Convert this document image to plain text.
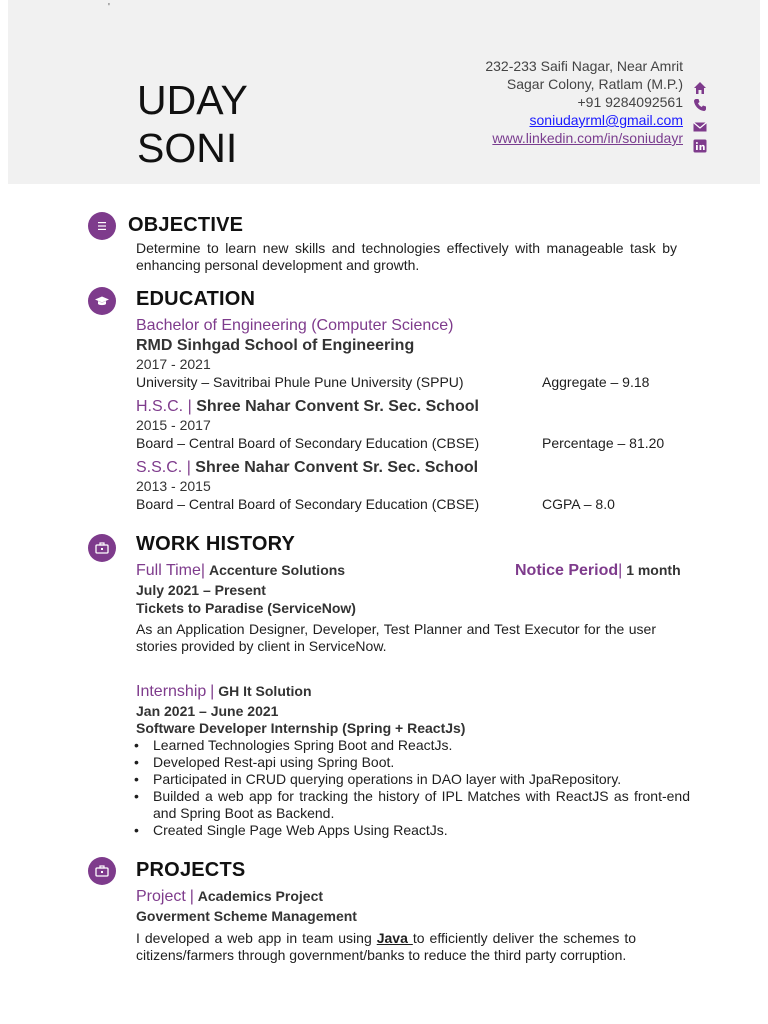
'
UDAY
SONI
232-233 Saifi Nagar, Near Amrit
Sagar Colony, Ratlam (M.P.)
+91 9284092561
soniudayrml@gmail.com
www.linkedin.com/in/soniudayr
OBJECTIVE
Determine to learn new skills and technologies effectively with manageable task by enhancing personal development and growth.
EDUCATION
Bachelor of Engineering (Computer Science)
RMD Sinhgad School of Engineering
2017 - 2021
University – Savitribai Phule Pune University (SPPU)	Aggregate – 9.18
H.S.C. | Shree Nahar Convent Sr. Sec. School
2015 - 2017
Board – Central Board of Secondary Education (CBSE)	Percentage – 81.20
S.S.C. | Shree Nahar Convent Sr. Sec. School
2013 - 2015
Board – Central Board of Secondary Education (CBSE)	CGPA – 8.0
WORK HISTORY
Full Time| Accenture Solutions	Notice Period| 1 month
July 2021 – Present
Tickets to Paradise (ServiceNow)
As an Application Designer, Developer, Test Planner and Test Executor for the user stories provided by client in ServiceNow.
Internship | GH It Solution
Jan 2021 – June 2021
Software Developer Internship (Spring + ReactJs)
• Learned Technologies Spring Boot and ReactJs.
• Developed Rest-api using Spring Boot.
• Participated in CRUD querying operations in DAO layer with JpaRepository.
• Builded a web app for tracking the history of IPL Matches with ReactJS as front-end and Spring Boot as Backend.
• Created Single Page Web Apps Using ReactJs.
PROJECTS
Project | Academics Project
Goverment Scheme Management
I developed a web app in team using Java to efficiently deliver the schemes to citizens/farmers through government/banks to reduce the third party corruption.
